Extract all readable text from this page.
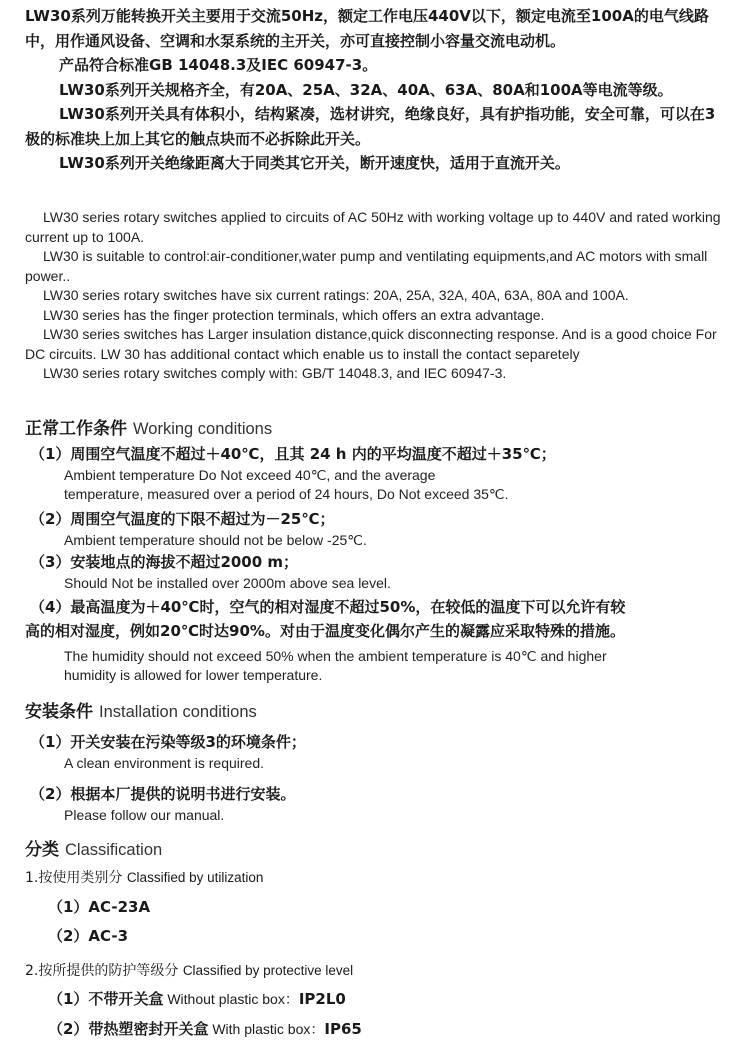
LW30系列万能转换开关主要用于交流50Hz，额定工作电压440V以下，额定电流至100A的电气线路中，用作通风设备、空调和水泵系统的主开关，亦可直接控制小容量交流电动机。

产品符合标准GB 14048.3及IEC 60947-3。

LW30系列开关规格齐全，有20A、25A、32A、40A、63A、80A和100A等电流等级。

LW30系列开关具有体积小，结构紧凑，选材讲究，绝缘良好，具有护指功能，安全可靠，可以在3极的标准块上加上其它的触点块而不必拆除此开关。

LW30系列开关绝缘距离大于同类其它开关，断开速度快，适用于直流开关。

LW30 series rotary switches applied to circuits of AC 50Hz with working voltage up to 440V and rated working current up to 100A.

LW30 is suitable to control:air-conditioner,water pump and ventilating equipments,and AC motors with small power..

LW30 series rotary switches have six current ratings: 20A, 25A, 32A, 40A, 63A, 80A and 100A.

LW30 series has the finger protection terminals, which offers an extra advantage.

LW30 series switches has Larger insulation distance,quick disconnecting response. And is a good choice For DC circuits. LW 30 has additional contact which enable us to install the contact separetely

LW30 series rotary switches comply with: GB/T 14048.3, and IEC 60947-3.

正常工作条件 Working conditions

（1）周围空气温度不超过＋40℃，且其 24 h 内的平均温度不超过＋35℃；

Ambient temperature Do Not exceed 40℃, and the average

temperature, measured over a period of 24 hours, Do Not exceed 35℃.

（2）周围空气温度的下限不超过为－25℃；

Ambient temperature should not be below -25℃.

（3）安装地点的海拔不超过2000 m；

Should Not be installed over 2000m above sea level.

（4）最高温度为＋40℃时，空气的相对湿度不超过50%，在较低的温度下可以允许有较

高的相对湿度，例如20℃时达90%。对由于温度变化偶尔产生的凝露应采取特殊的措施。

The humidity should not exceed 50% when the ambient temperature is 40℃ and higher

humidity is allowed for lower temperature.

安装条件 Installation conditions

（1）开关安装在污染等级3的环境条件；

A clean environment is required.

（2）根据本厂提供的说明书进行安装。

Please follow our manual.

分类 Classification
1.按使用类别分 Classified by utilization
（1）AC-23A
（2）AC-3
2.按所提供的防护等级分 Classified by protective level
（1）不带开关盒 Without plastic box：IP2L0
（2）带热塑密封开关盒 With plastic box：IP65
